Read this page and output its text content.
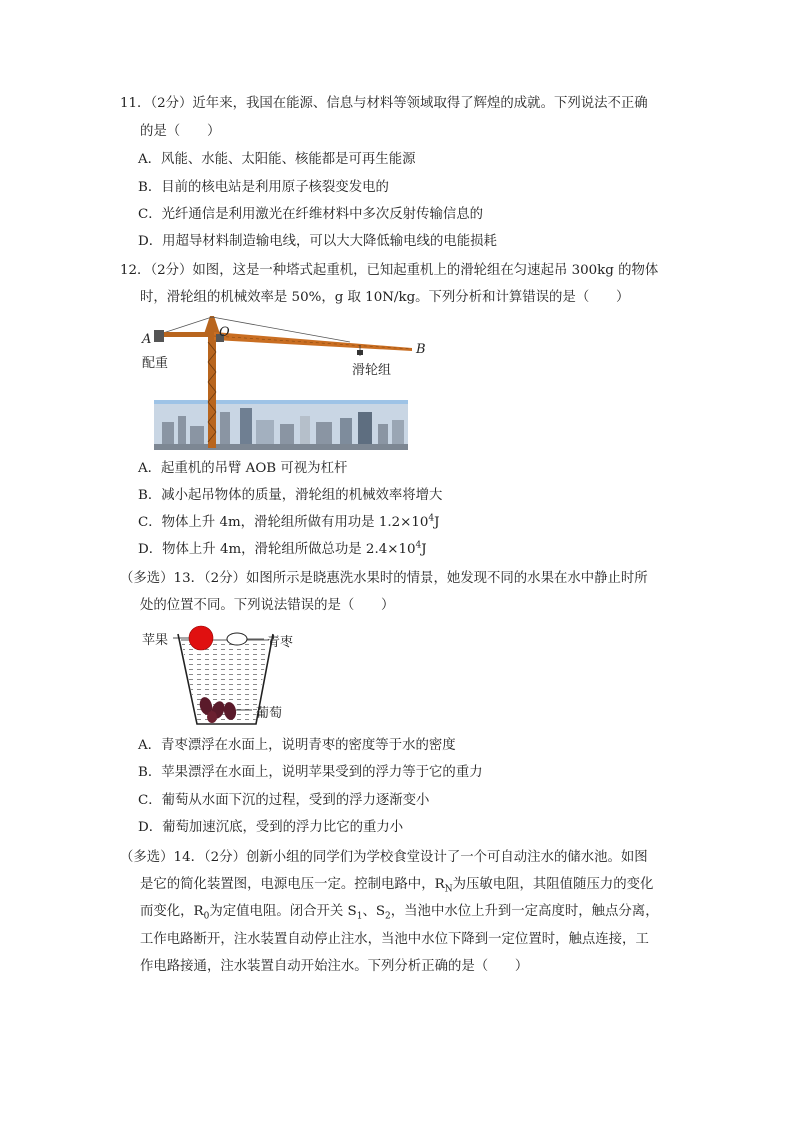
11．（2分）近年来，我国在能源、信息与材料等领域取得了辉煌的成就。下列说法不正确
的是（　　）
A．风能、水能、太阳能、核能都是可再生能源
B．目前的核电站是利用原子核裂变发电的
C．光纤通信是利用激光在纤维材料中多次反射传输信息的
D．用超导材料制造输电线，可以大大降低输电线的电能损耗
12．（2分）如图，这是一种塔式起重机，已知起重机上的滑轮组在匀速起吊 300kg 的物体
时，滑轮组的机械效率是 50%，g 取 10N/kg。下列分析和计算错误的是（　　）
A	O
B
配重	滑轮组
A．起重机的吊臂 AOB 可视为杠杆
B．减小起吊物体的质量，滑轮组的机械效率将增大
C．物体上升 4m，滑轮组所做有用功是 $1.2\times 10^4J$
D．物体上升 4m，滑轮组所做总功是 $2.4\times 10^4J$
（多选）13．（2分）如图所示是晓惠洗水果时的情景，她发现不同的水果在水中静止时所
处的位置不同。下列说法错误的是（　　）
苹果	青枣
葡萄
A．青枣漂浮在水面上，说明青枣的密度等于水的密度
B．苹果漂浮在水面上，说明苹果受到的浮力等于它的重力
C．葡萄从水面下沉的过程，受到的浮力逐渐变小
D．葡萄加速沉底，受到的浮力比它的重力小
（多选）14．（2分）创新小组的同学们为学校食堂设计了一个可自动注水的储水池。如图
是它的简化装置图，电源电压一定。控制电路中，$R_N$为压敏电阻，其阻值随压力的变化
而变化，$R_0$为定值电阻。闭合开关 $S_1$、$S_2$，当池中水位上升到一定高度时，触点分离，
工作电路断开，注水装置自动停止注水，当池中水位下降到一定位置时，触点连接，工
作电路接通，注水装置自动开始注水。下列分析正确的是（　　）
